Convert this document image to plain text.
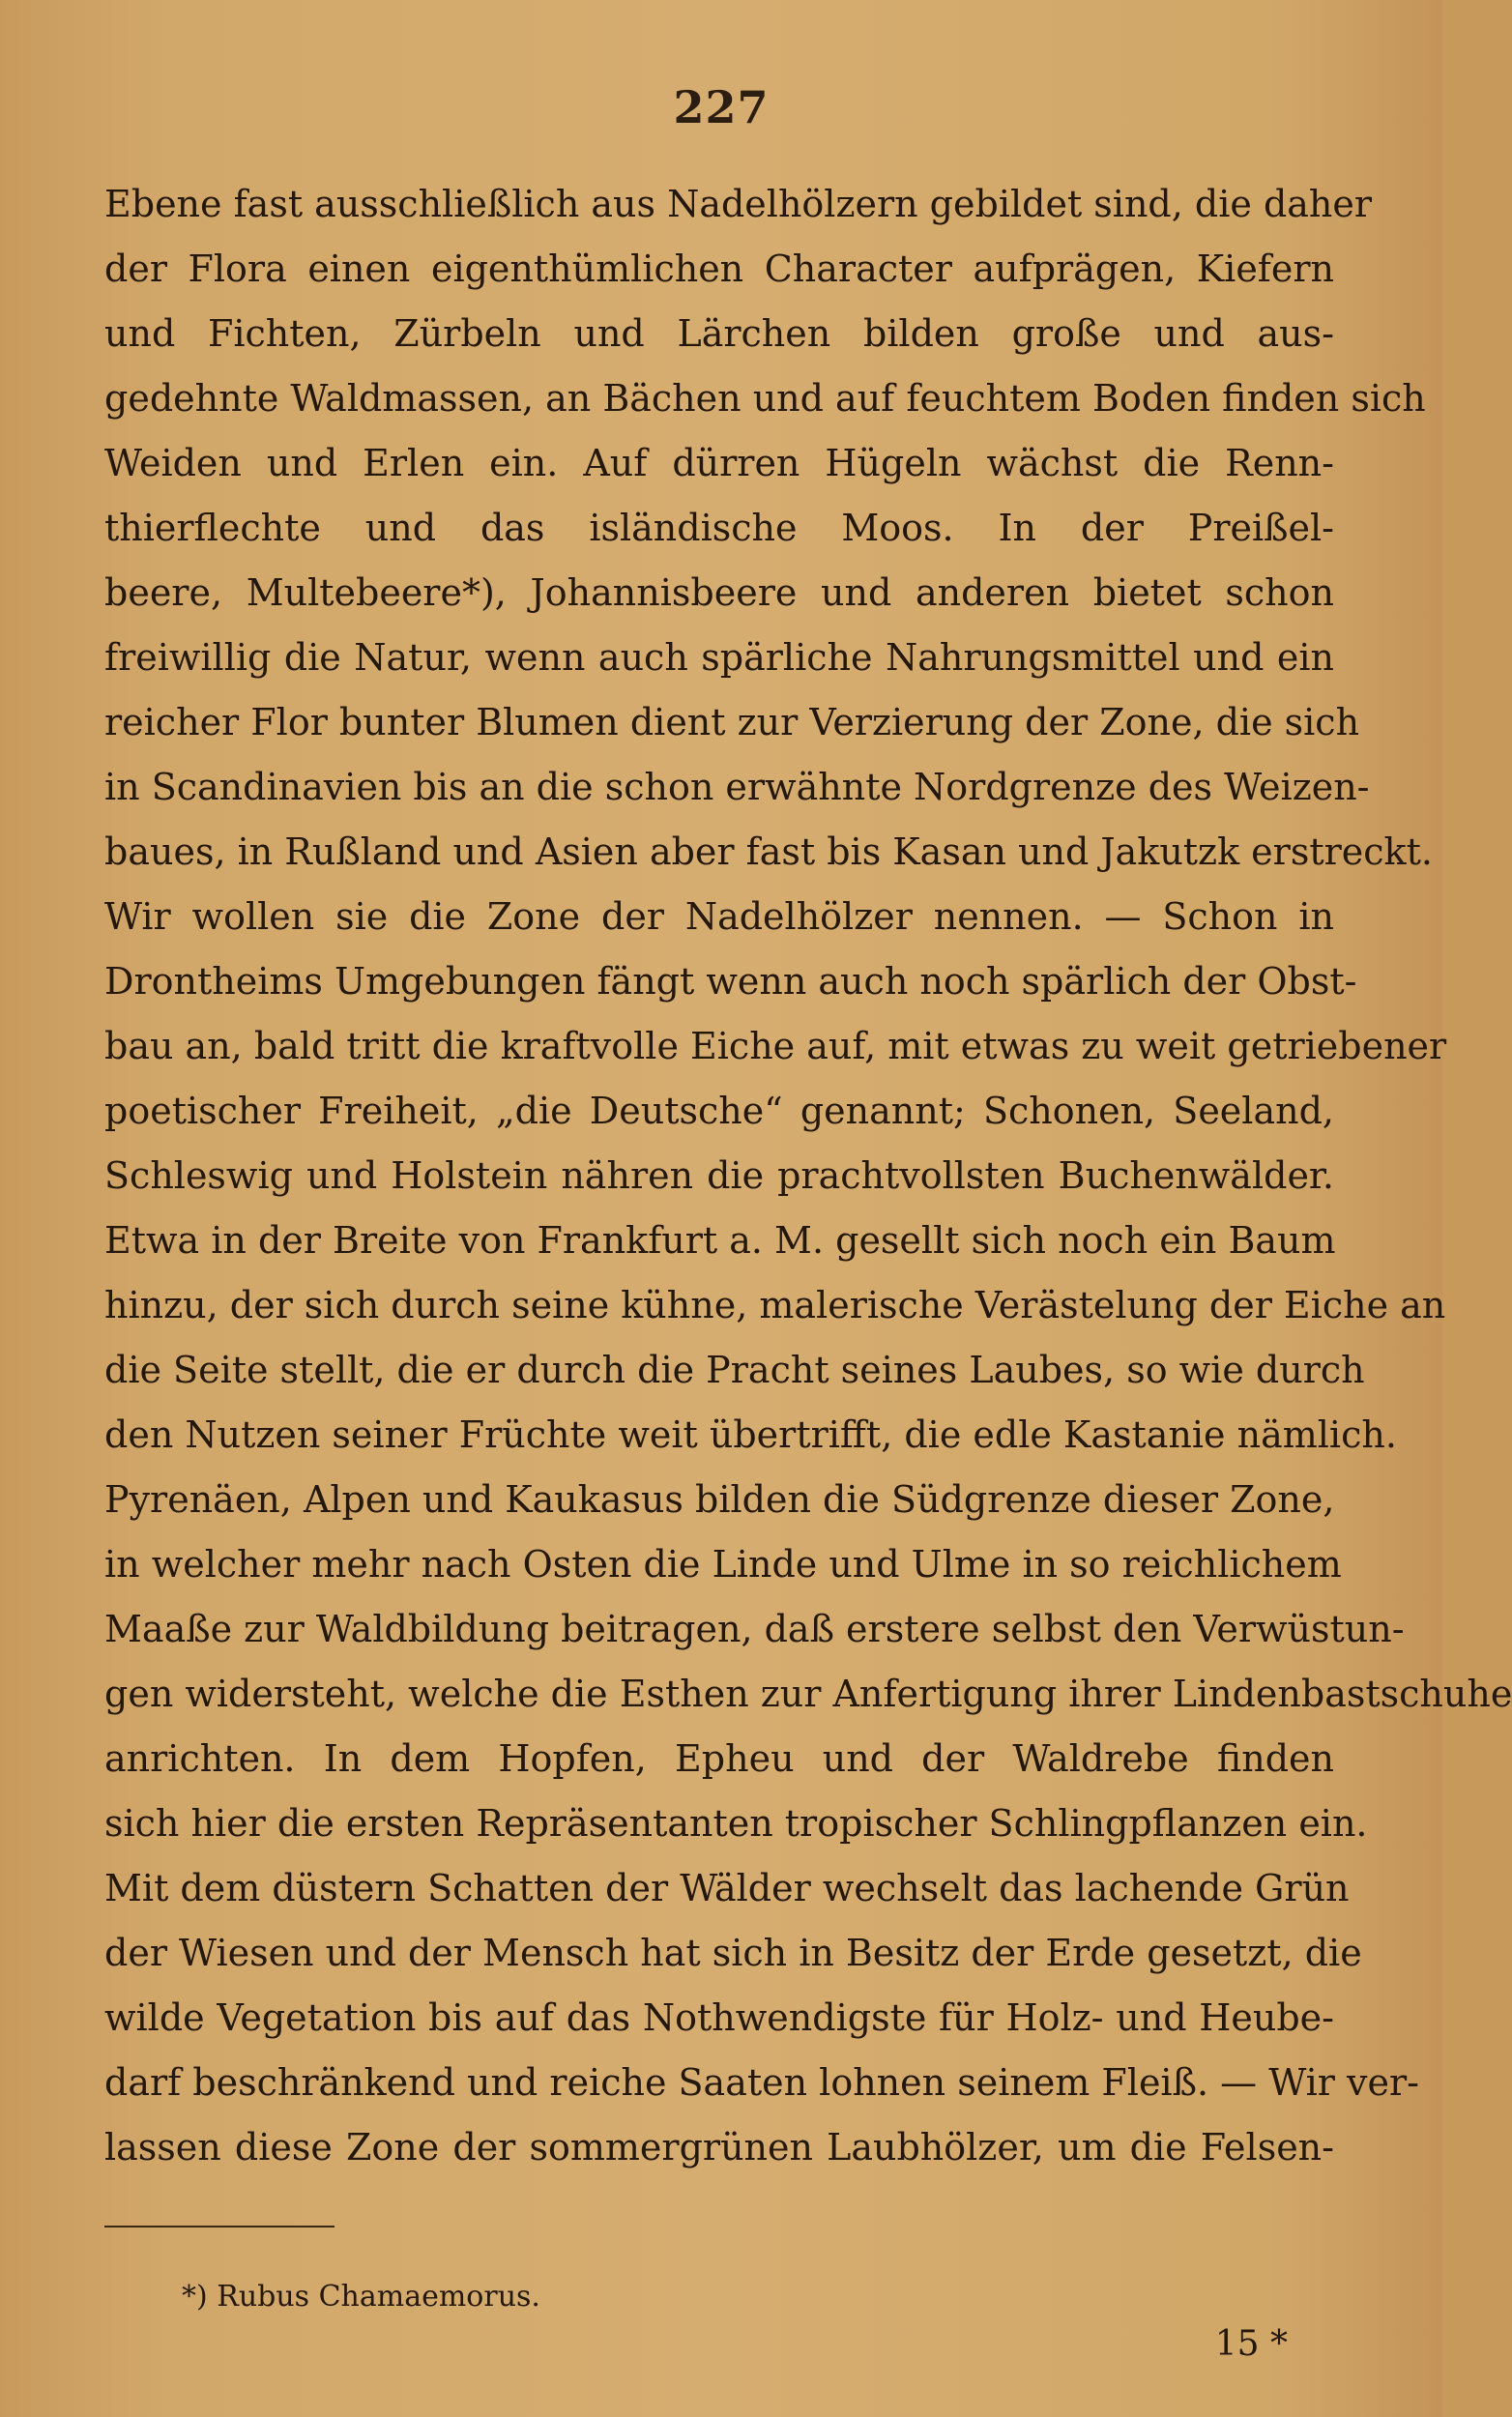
227
Ebene fast ausschließlich aus Nadelhölzern gebildet sind, die daher
der Flora einen eigenthümlichen Character aufprägen, Kiefern
und Fichten, Zürbeln und Lärchen bilden große und aus-
gedehnte Waldmassen, an Bächen und auf feuchtem Boden finden sich
Weiden und Erlen ein. Auf dürren Hügeln wächst die Renn-
thierflechte und das isländische Moos. In der Preißel-
beere, Multebeere*), Johannisbeere und anderen bietet schon
freiwillig die Natur, wenn auch spärliche Nahrungsmittel und ein
reicher Flor bunter Blumen dient zur Verzierung der Zone, die sich
in Scandinavien bis an die schon erwähnte Nordgrenze des Weizen-
baues, in Rußland und Asien aber fast bis Kasan und Jakutzk erstreckt.
Wir wollen sie die Zone der Nadelhölzer nennen. — Schon in
Drontheims Umgebungen fängt wenn auch noch spärlich der Obst-
bau an, bald tritt die kraftvolle Eiche auf, mit etwas zu weit getriebener
poetischer Freiheit, „die Deutsche“ genannt; Schonen, Seeland,
Schleswig und Holstein nähren die prachtvollsten Buchenwälder.
Etwa in der Breite von Frankfurt a. M. gesellt sich noch ein Baum
hinzu, der sich durch seine kühne, malerische Verästelung der Eiche an
die Seite stellt, die er durch die Pracht seines Laubes, so wie durch
den Nutzen seiner Früchte weit übertrifft, die edle Kastanie nämlich.
Pyrenäen, Alpen und Kaukasus bilden die Südgrenze dieser Zone,
in welcher mehr nach Osten die Linde und Ulme in so reichlichem
Maaße zur Waldbildung beitragen, daß erstere selbst den Verwüstun-
gen widersteht, welche die Esthen zur Anfertigung ihrer Lindenbastschuhe
anrichten. In dem Hopfen, Epheu und der Waldrebe finden
sich hier die ersten Repräsentanten tropischer Schlingpflanzen ein.
Mit dem düstern Schatten der Wälder wechselt das lachende Grün
der Wiesen und der Mensch hat sich in Besitz der Erde gesetzt, die
wilde Vegetation bis auf das Nothwendigste für Holz- und Heube-
darf beschränkend und reiche Saaten lohnen seinem Fleiß. — Wir ver-
lassen diese Zone der sommergrünen Laubhölzer, um die Felsen-
*) Rubus Chamaemorus.
15 *
